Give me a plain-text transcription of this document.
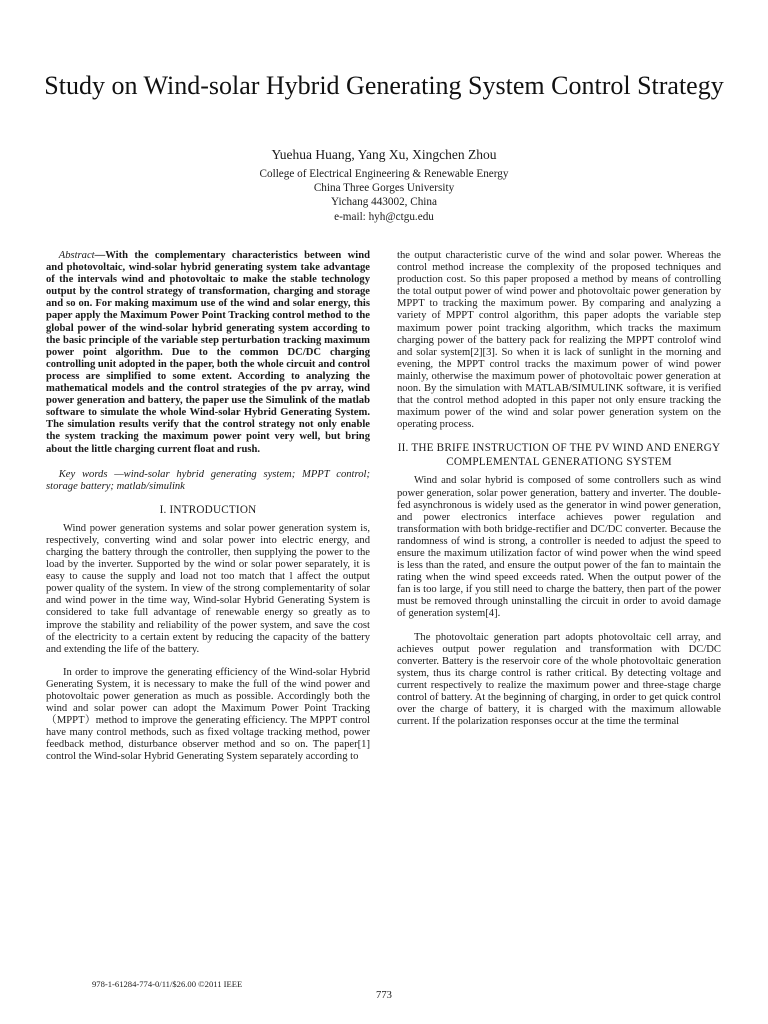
Study on Wind-solar Hybrid Generating System Control Strategy
Yuehua Huang, Yang Xu, Xingchen Zhou
College of Electrical Engineering & Renewable Energy
China Three Gorges University
Yichang 443002, China
e-mail: hyh@ctgu.edu

Abstract—With the complementary characteristics between wind and photovoltaic, wind-solar hybrid generating system take advantage of the intervals wind and photovoltaic to make the stable technology output by the control strategy of transformation, charging and storage and so on. For making maximum use of the wind and solar energy, this paper apply the Maximum Power Point Tracking control method to the global power of the wind-solar hybrid generating system according to the basic principle of the variable step perturbation tracking maximum power point algorithm. Due to the common DC/DC charging controlling unit adopted in the paper, both the whole circuit and control process are simplified to some extent. According to analyzing the mathematical models and the control strategies of the pv array, wind power generation and battery, the paper use the Simulink of the matlab software to simulate the whole Wind-solar Hybrid Generating System. The simulation results verify that the control strategy not only enable the system tracking the maximum power point very well, but bring about the little charging current float and rush.

Key words —wind-solar hybrid generating system; MPPT control; storage battery; matlab/simulink

I. INTRODUCTION

Wind power generation systems and solar power generation system is, respectively, converting wind and solar power into electric energy, and charging the battery through the controller, then supplying the power to the load by the inverter. Supported by the wind or solar power separately, it is easy to cause the supply and load not too match that l affect the output power quality of the system. In view of the strong complementarity of solar and wind power in the time way, Wind-solar Hybrid Generating System is considered to take full advantage of renewable energy so greatly as to improve the stability and reliability of the power system, and save the cost of the electricity to a certain extent by reducing the capacity of the battery and extending the life of the battery.

In order to improve the generating efficiency of the Wind-solar Hybrid Generating System, it is necessary to make the full of the wind power and photovoltaic power generation as much as possible. Accordingly both the wind and solar power can adopt the Maximum Power Point Tracking（MPPT）method to improve the generating efficiency. The MPPT control have many control methods, such as fixed voltage tracking method, power feedback method, disturbance observer method and so on. The paper[1] control the Wind-solar Hybrid Generating System separately according to

the output characteristic curve of the wind and solar power. Whereas the control method increase the complexity of the proposed techniques and production cost. So this paper proposed a method by means of controlling the total output power of wind power and photovoltaic power generation by MPPT to tracking the maximum power. By comparing and analyzing a variety of MPPT control algorithm, this paper adopts the variable step maximum power point tracking algorithm, which tracks the maximum charging power of the battery pack for realizing the MPPT controlof wind and solar system[2][3]. So when it is lack of sunlight in the morning and evening, the MPPT control tracks the maximum power of wind power mainly, otherwise the maximum power of photovoltaic power generation at noon. By the simulation with MATLAB/SIMULINK software, it is verified that the control method adopted in this paper not only ensure tracking the maximum power of the wind and solar power generation system on the operating process.

II. THE BRIFE INSTRUCTION OF THE PV WIND AND ENERGY COMPLEMENTAL GENERATIONG SYSTEM

Wind and solar hybrid is composed of some controllers such as wind power generation, solar power generation, battery and inverter. The double-fed asynchronous is widely used as the generator in wind power generation, and power electronics interface achieves power regulation and transformation with both bridge-rectifier and DC/DC converter. Because the randomness of wind is strong, a controller is needed to adjust the speed to ensure the maximum utilization factor of wind power when the wind speed is less than the rated, and ensure the output power of the fan to maintain the rating when the wind speed exceeds rated. When the output power of the fan is too large, if you still need to charge the battery, then part of the power must be removed through uninstalling the circuit in order to avoid damage of generation system[4].

The photovoltaic generation part adopts photovoltaic cell array, and achieves output power regulation and transformation with DC/DC converter. Battery is the reservoir core of the whole photovoltaic generation system, thus its charge control is rather critical. By detecting voltage and current respectively to realize the maximum power and three-stage charge control of battery. At the beginning of charging, in order to get quick control over the charge of battery, it is charged with the maximum allowable current. If the polarization responses occur at the time the terminal

978-1-61284-774-0/11/$26.00 ©2011 IEEE
773
